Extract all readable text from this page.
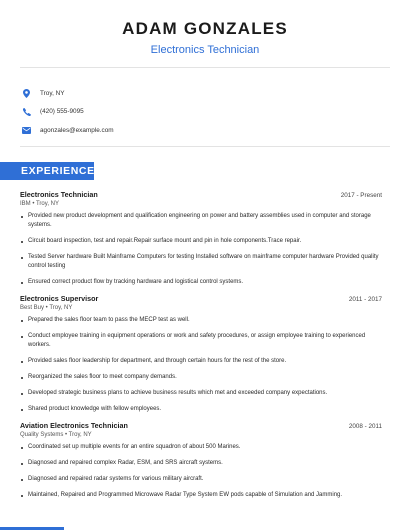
ADAM GONZALES
Electronics Technician
Troy, NY
(420) 555-9095
agonzales@example.com
EXPERIENCE
Electronics Technician	2017 - Present
IBM • Troy, NY
Provided new product development and qualification engineering on power and battery assemblies used in computer and storage systems.
Circuit board inspection, test and repair.Repair surface mount and pin in hole components.Trace repair.
Tested Server hardware Built Mainframe Computers for testing Installed software on mainframe computer hardware Provided quality control testing
Ensured correct product flow by tracking hardware and logistical control systems.
Electronics Supervisor	2011 - 2017
Best Buy • Troy, NY
Prepared the sales floor team to pass the MECP test as well.
Conduct employee training in equipment operations or work and safety procedures, or assign employee training to experienced workers.
Provided sales floor leadership for department, and through certain hours for the rest of the store.
Reorganized the sales floor to meet company demands.
Developed strategic business plans to achieve business results which met and exceeded company expectations.
Shared product knowledge with fellow employees.
Aviation Electronics Technician	2008 - 2011
Quality Systems • Troy, NY
Coordinated set up multiple events for an entire squadron of about 500 Marines.
Diagnosed and repaired complex Radar, ESM, and SRS aircraft systems.
Diagnosed and repaired radar systems for various military aircraft.
Maintained, Repaired and Programmed Microwave Radar Type System EW pods capable of Simulation and Jamming.
